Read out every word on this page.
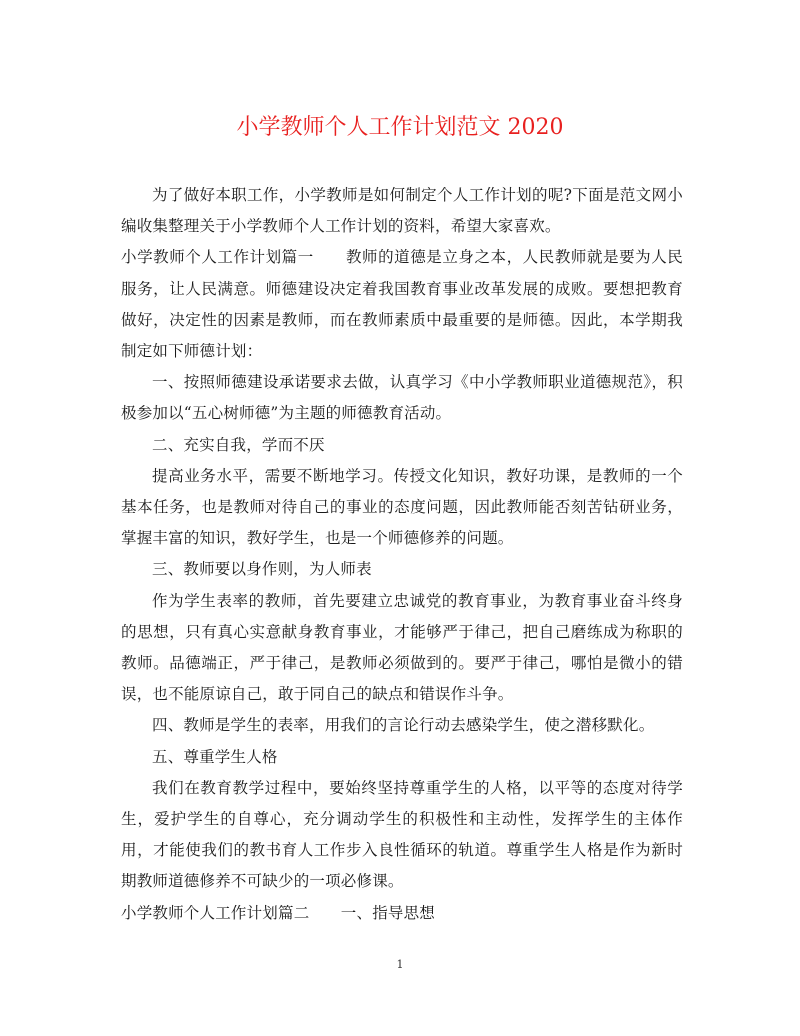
小学教师个人工作计划范文 2020

为了做好本职工作，小学教师是如何制定个人工作计划的呢?下面是范文网小编收集整理关于小学教师个人工作计划的资料，希望大家喜欢。

小学教师个人工作计划篇一　　教师的道德是立身之本，人民教师就是要为人民服务，让人民满意。师德建设决定着我国教育事业改革发展的成败。要想把教育做好，决定性的因素是教师，而在教师素质中最重要的是师德。因此，本学期我制定如下师德计划：

一、按照师德建设承诺要求去做，认真学习《中小学教师职业道德规范》，积极参加以“五心树师德”为主题的师德教育活动。

二、充实自我，学而不厌

提高业务水平，需要不断地学习。传授文化知识，教好功课，是教师的一个基本任务，也是教师对待自己的事业的态度问题，因此教师能否刻苦钻研业务，掌握丰富的知识，教好学生，也是一个师德修养的问题。

三、教师要以身作则，为人师表

作为学生表率的教师，首先要建立忠诚党的教育事业，为教育事业奋斗终身的思想，只有真心实意献身教育事业，才能够严于律己，把自己磨练成为称职的教师。品德端正，严于律己，是教师必须做到的。要严于律己，哪怕是微小的错误，也不能原谅自己，敢于同自己的缺点和错误作斗争。

四、教师是学生的表率，用我们的言论行动去感染学生，使之潜移默化。

五、尊重学生人格

我们在教育教学过程中，要始终坚持尊重学生的人格，以平等的态度对待学生，爱护学生的自尊心，充分调动学生的积极性和主动性，发挥学生的主体作用，才能使我们的教书育人工作步入良性循环的轨道。尊重学生人格是作为新时期教师道德修养不可缺少的一项必修课。

小学教师个人工作计划篇二　　一、指导思想

1
